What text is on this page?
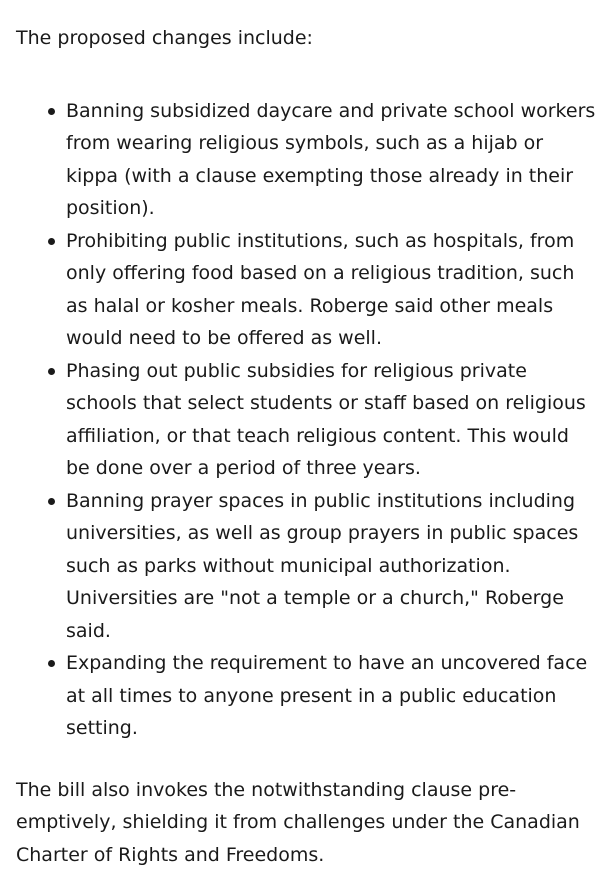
The proposed changes include:

Banning subsidized daycare and private school workers from wearing religious symbols, such as a hijab or kippa (with a clause exempting those already in their position).
Prohibiting public institutions, such as hospitals, from only offering food based on a religious tradition, such as halal or kosher meals. Roberge said other meals would need to be offered as well.
Phasing out public subsidies for religious private schools that select students or staff based on religious affiliation, or that teach religious content. This would be done over a period of three years.
Banning prayer spaces in public institutions including universities, as well as group prayers in public spaces such as parks without municipal authorization. Universities are "not a temple or a church," Roberge said.
Expanding the requirement to have an uncovered face at all times to anyone present in a public education setting.

The bill also invokes the notwithstanding clause pre-emptively, shielding it from challenges under the Canadian Charter of Rights and Freedoms.
